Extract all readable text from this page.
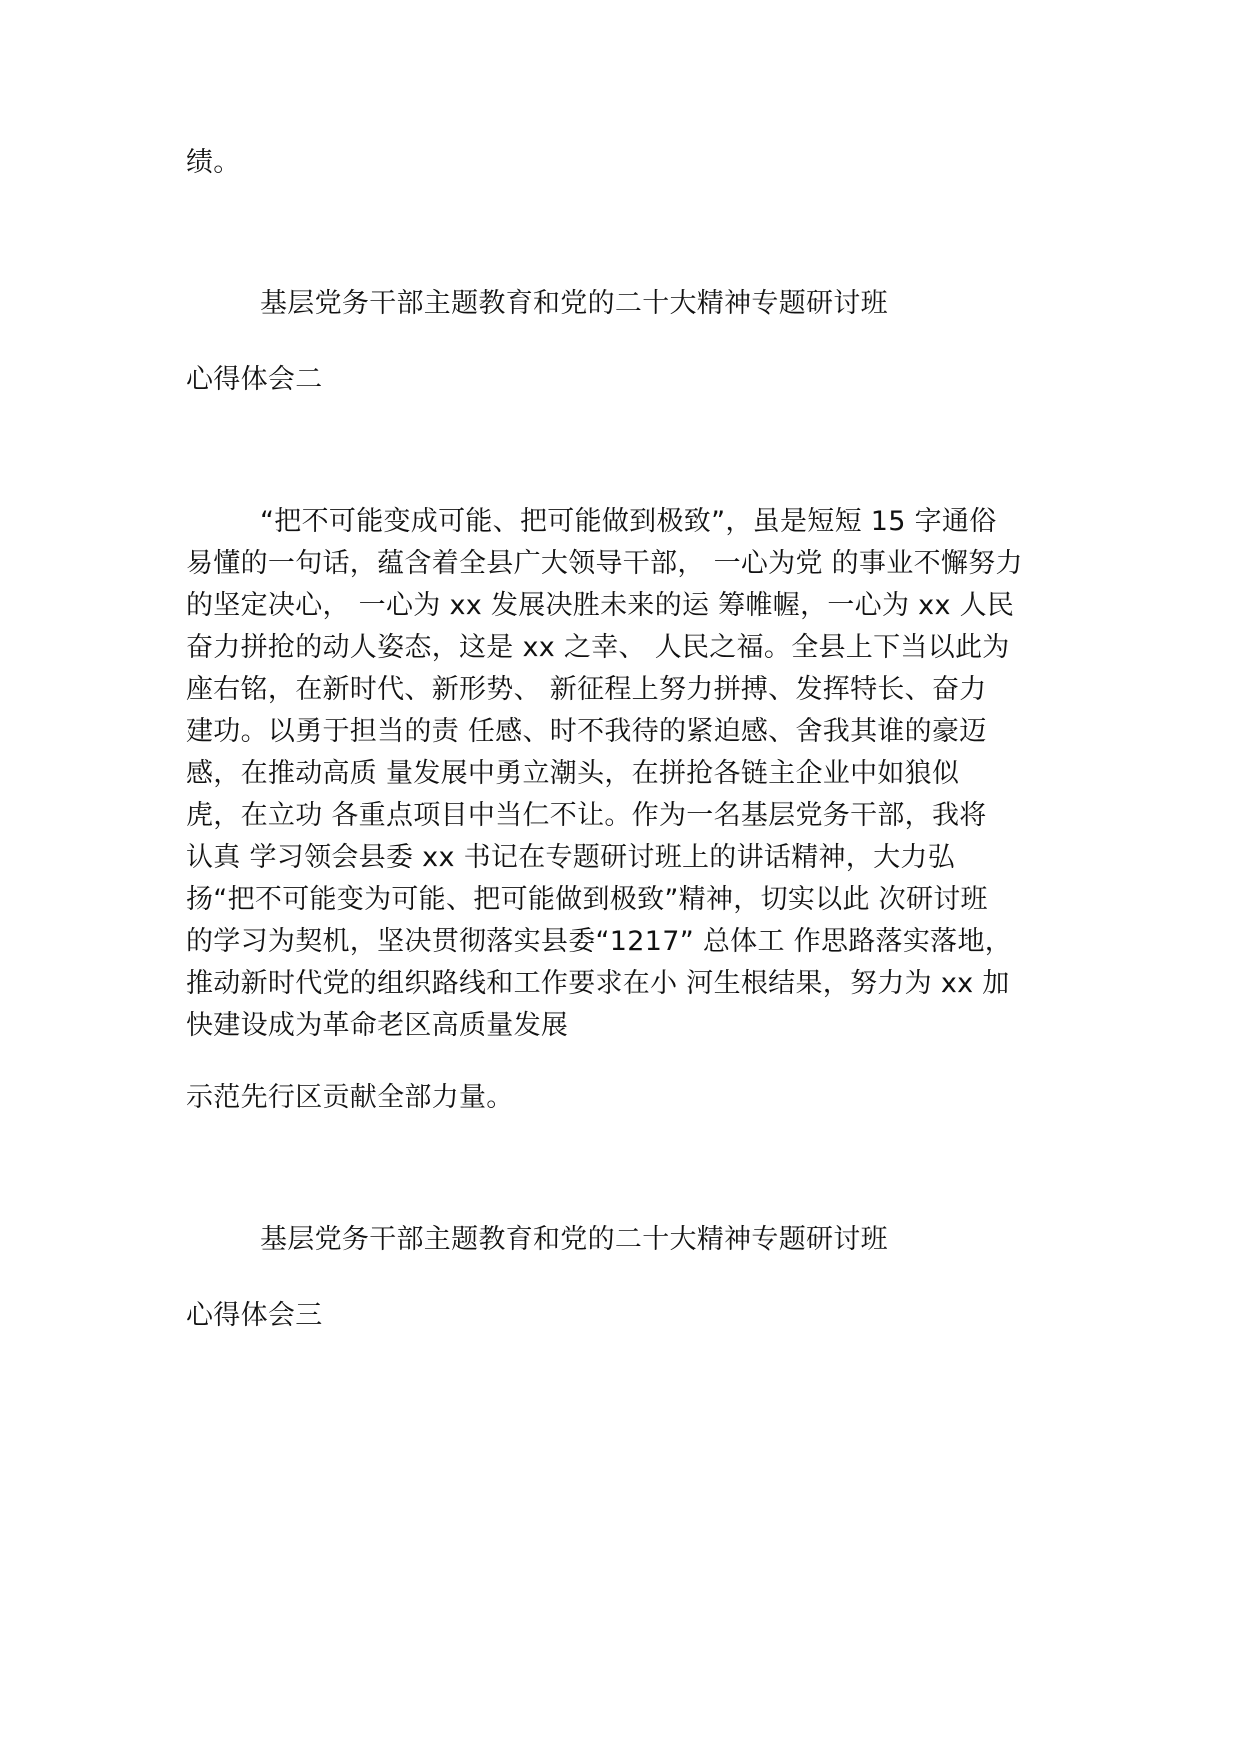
绩。

基层党务干部主题教育和党的二十大精神专题研讨班

心得体会二

“把不可能变成可能、把可能做到极致”，虽是短短 15 字通俗

易懂的一句话，蕴含着全县广大领导干部， 一心为党 的事业不懈努力

的坚定决心， 一心为 xx 发展决胜未来的运 筹帷幄，一心为 xx 人民

奋力拼抢的动人姿态，这是 xx 之幸、 人民之福。全县上下当以此为

座右铭，在新时代、新形势、 新征程上努力拼搏、发挥特长、奋力

建功。以勇于担当的责 任感、时不我待的紧迫感、舍我其谁的豪迈

感，在推动高质 量发展中勇立潮头，在拼抢各链主企业中如狼似

虎，在立功 各重点项目中当仁不让。作为一名基层党务干部，我将

认真 学习领会县委 xx 书记在专题研讨班上的讲话精神，大力弘

扬“把不可能变为可能、把可能做到极致”精神，切实以此 次研讨班

的学习为契机，坚决贯彻落实县委“1217” 总体工 作思路落实落地，

推动新时代党的组织路线和工作要求在小 河生根结果，努力为 xx 加

快建设成为革命老区高质量发展

示范先行区贡献全部力量。

基层党务干部主题教育和党的二十大精神专题研讨班

心得体会三
